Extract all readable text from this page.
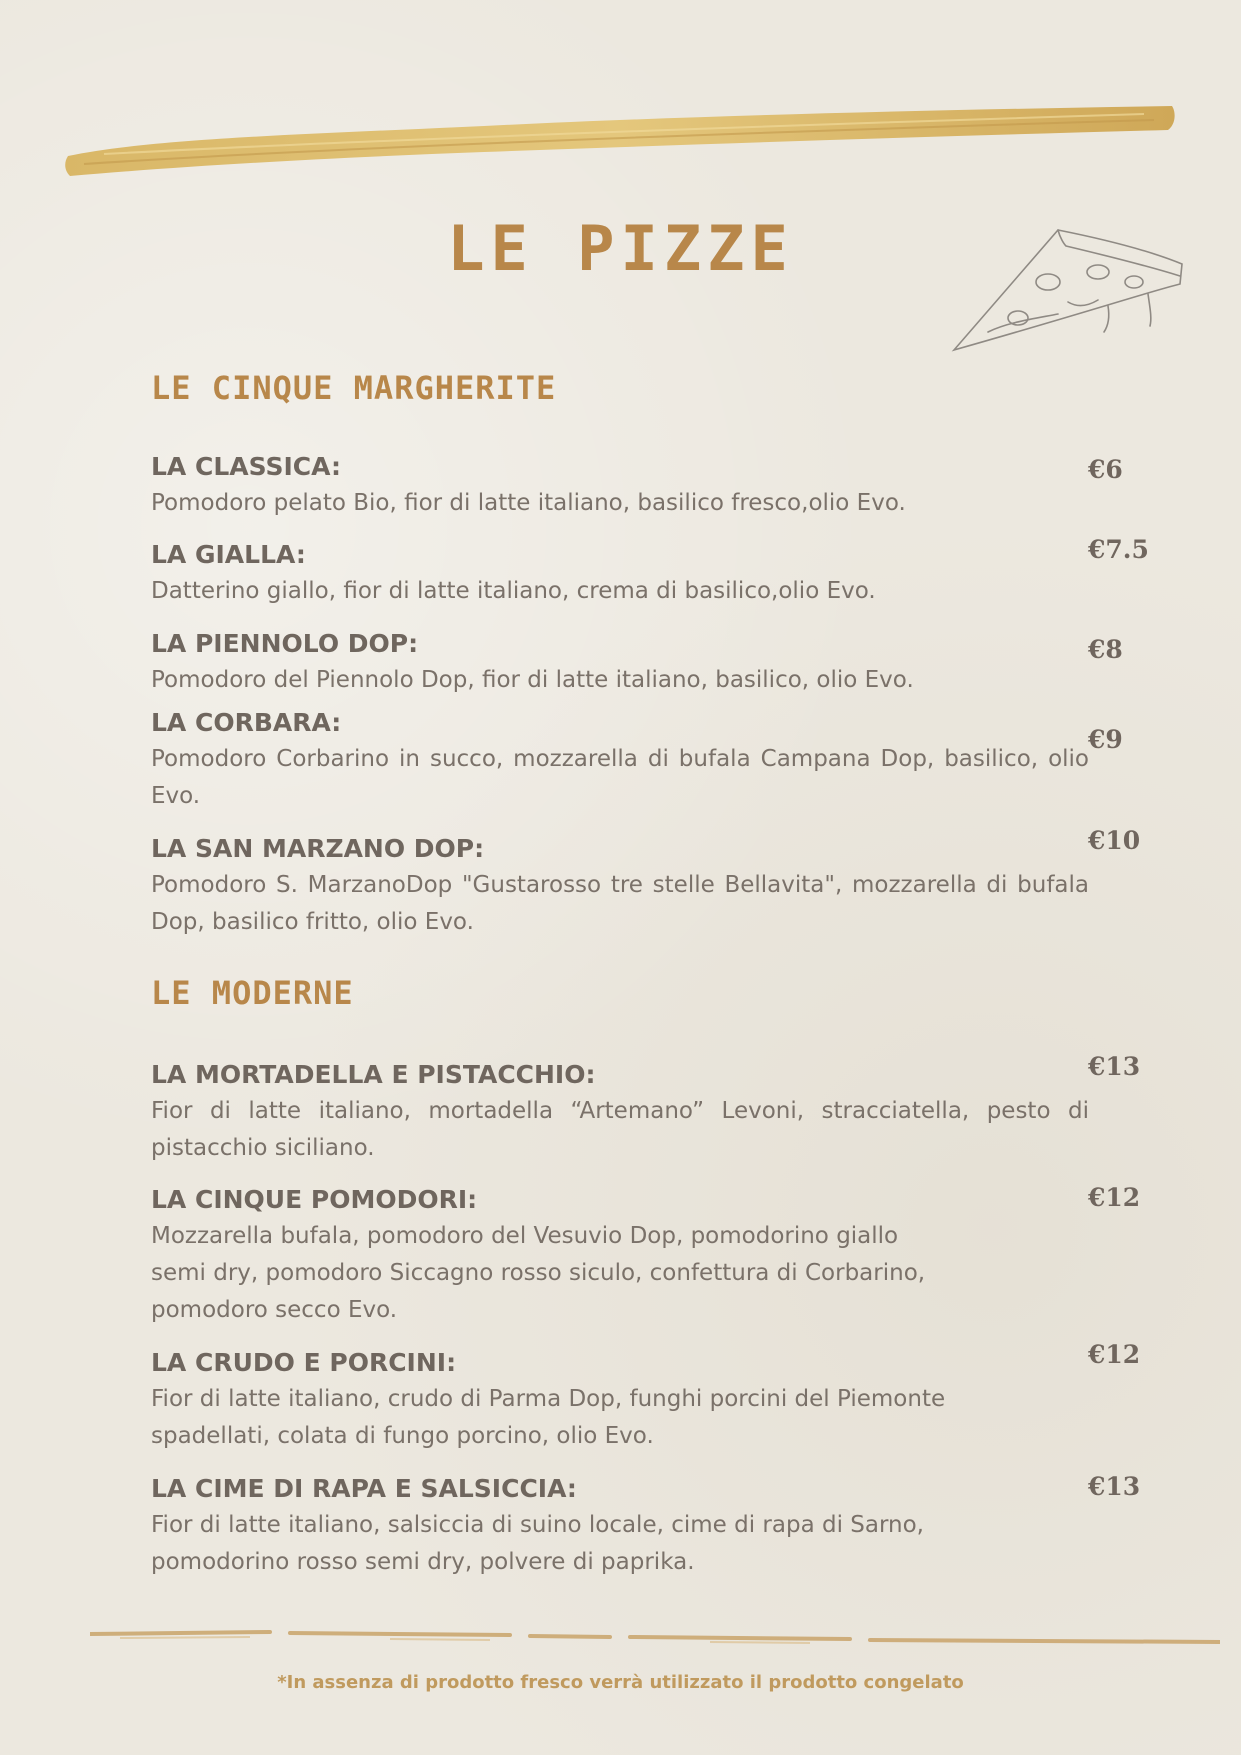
LE PIZZE
LE CINQUE MARGHERITE
LA CLASSICA:
Pomodoro pelato Bio, fior di latte italiano, basilico fresco,olio Evo.
€6
LA GIALLA:
Datterino giallo, fior di latte italiano, crema di basilico,olio Evo.
€7.5
LA PIENNOLO DOP:
Pomodoro del Piennolo Dop, fior di latte italiano, basilico, olio Evo.
€8
LA CORBARA:
Pomodoro Corbarino in succo, mozzarella di bufala Campana Dop, basilico, olio Evo.
€9
LA SAN MARZANO DOP:
Pomodoro S. MarzanoDop "Gustarosso tre stelle Bellavita", mozzarella di bufala Dop, basilico fritto, olio Evo.
€10
LE MODERNE
LA MORTADELLA E PISTACCHIO:
Fior di latte italiano, mortadella “Artemano” Levoni, stracciatella, pesto di pistacchio siciliano.
€13
LA CINQUE POMODORI:
Mozzarella bufala, pomodoro del Vesuvio Dop, pomodorino giallo
semi dry, pomodoro Siccagno rosso siculo, confettura di Corbarino,
pomodoro secco Evo.
€12
LA CRUDO E PORCINI:
Fior di latte italiano, crudo di Parma Dop, funghi porcini del Piemonte
spadellati, colata di fungo porcino, olio Evo.
€12
LA CIME DI RAPA E SALSICCIA:
Fior di latte italiano, salsiccia di suino locale, cime di rapa di Sarno,
pomodorino rosso semi dry, polvere di paprika.
€13
*In assenza di prodotto fresco verrà utilizzato il prodotto congelato
